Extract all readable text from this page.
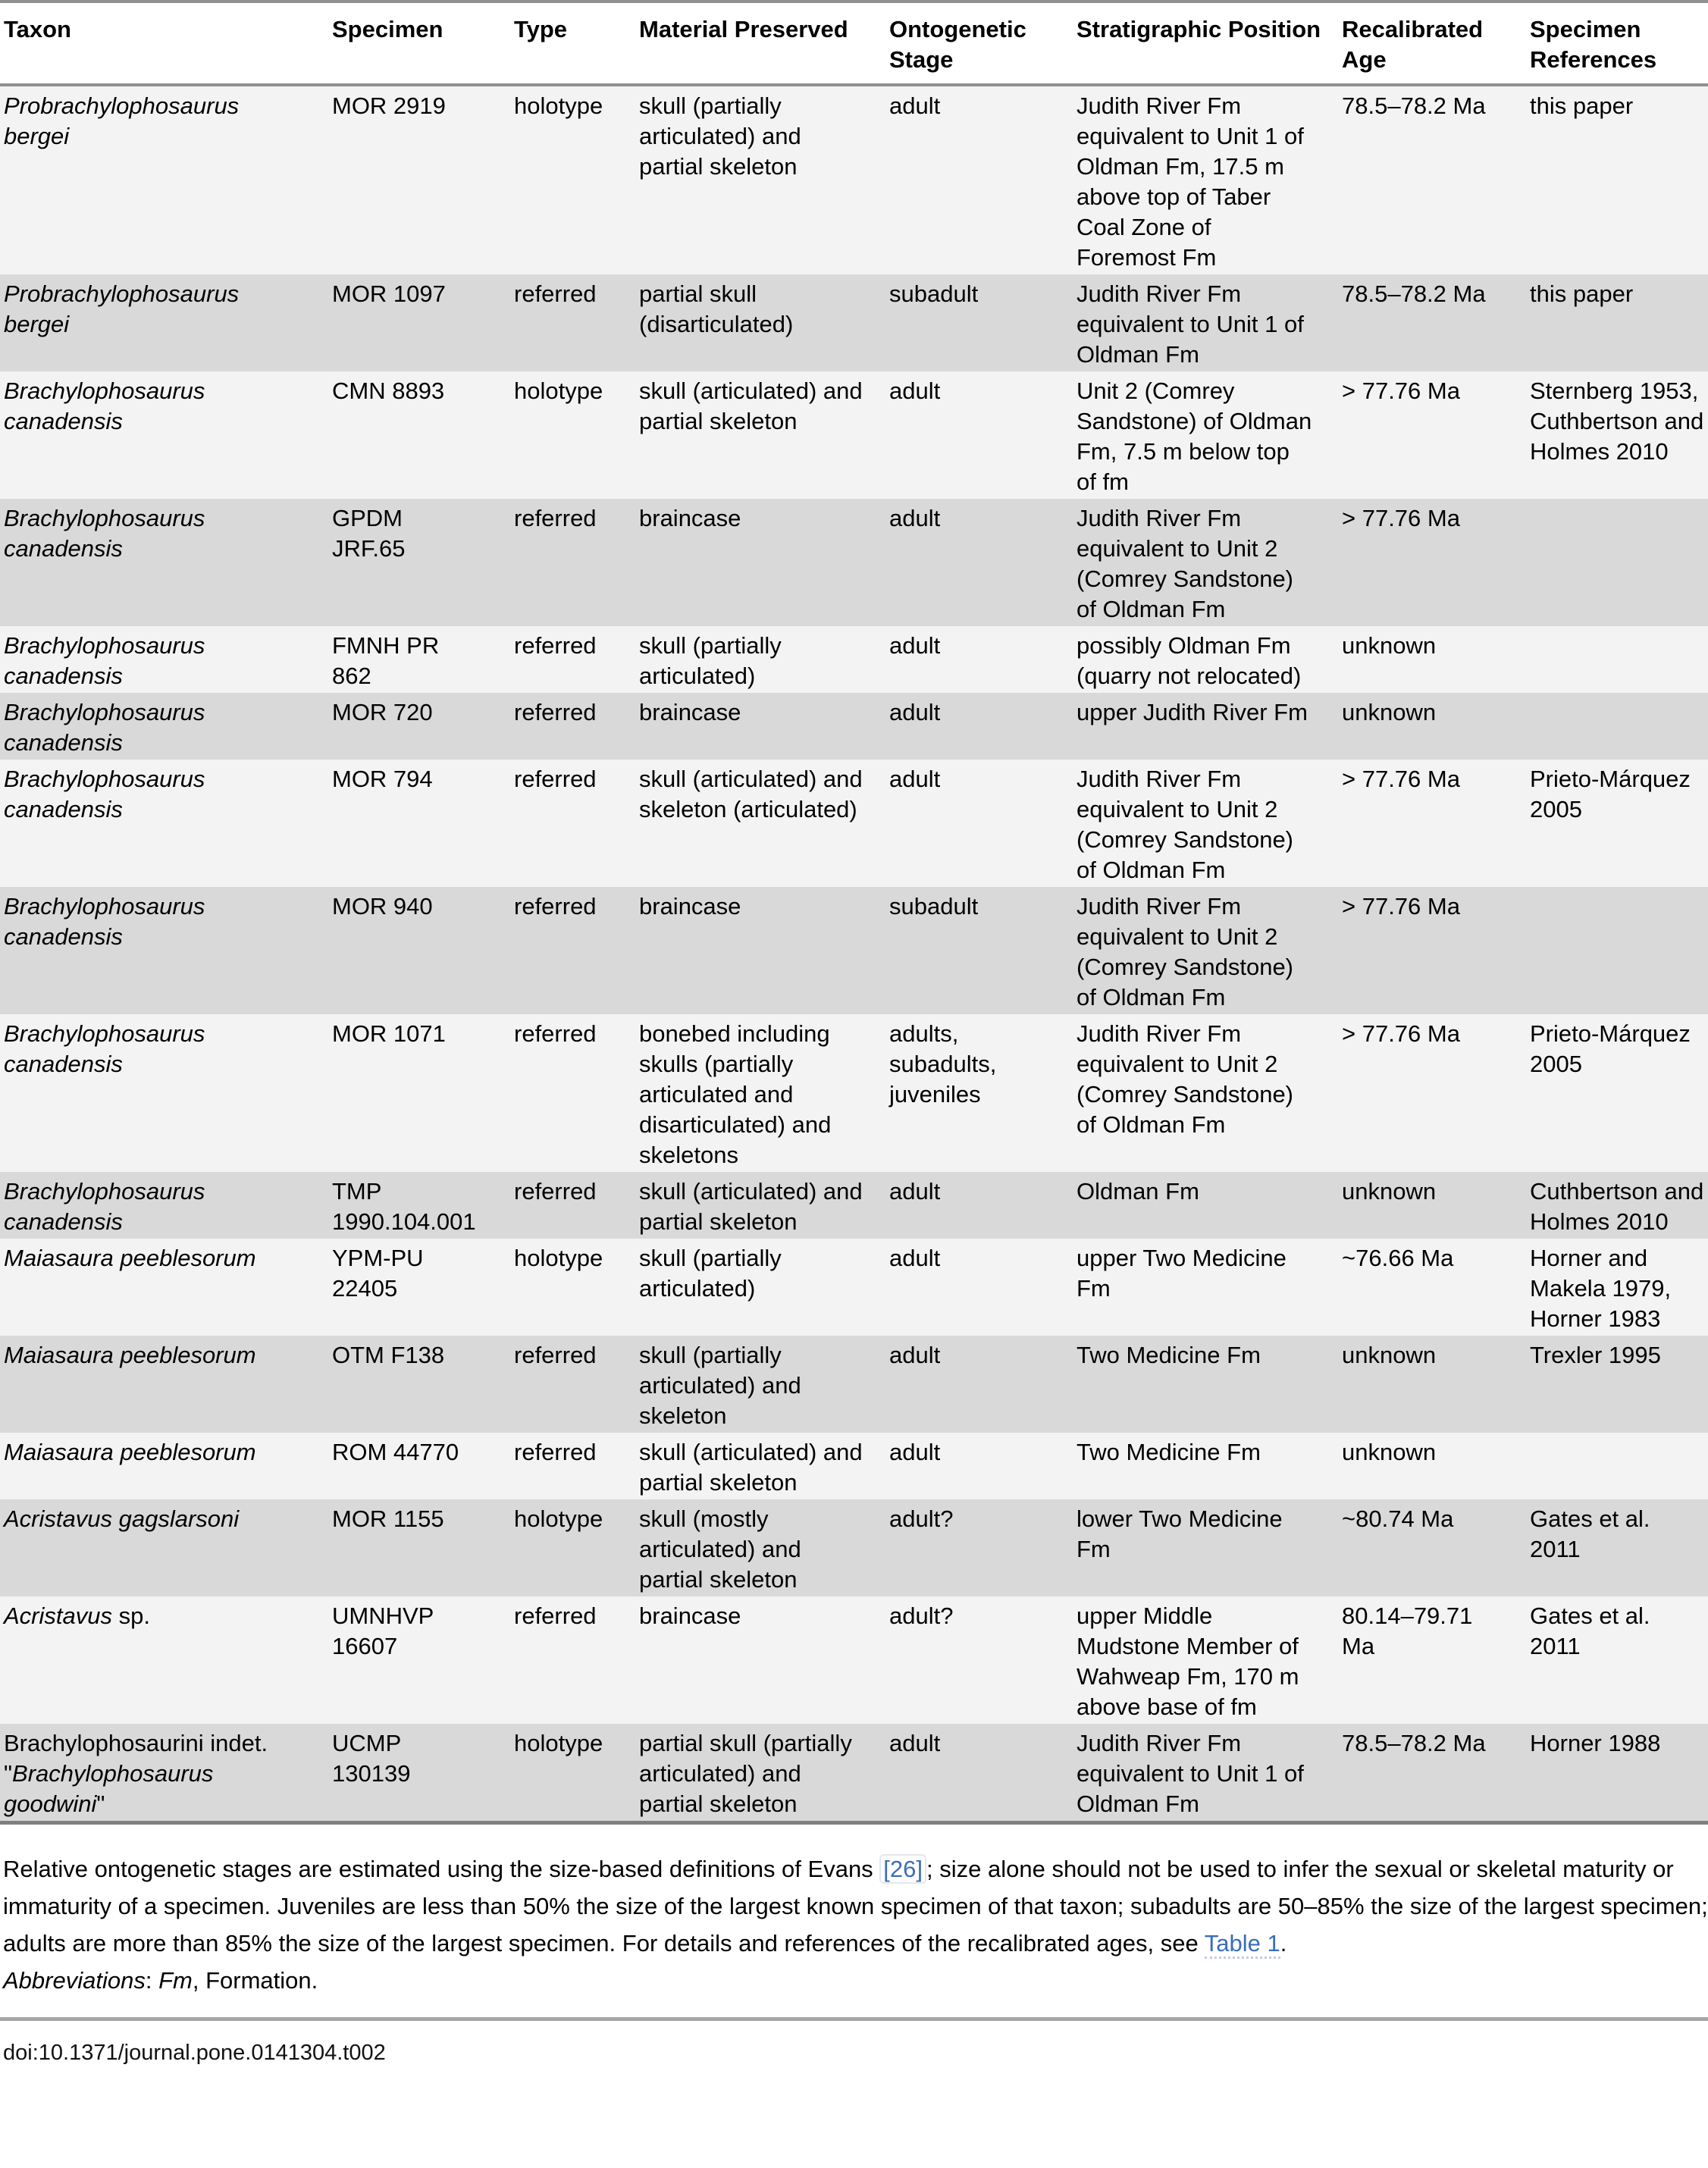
Taxon	Specimen	Type	Material Preserved	Ontogenetic Stage	Stratigraphic Position	Recalibrated Age	Specimen References
Probrachylophosaurus bergei	MOR 2919	holotype	skull (partially articulated) and partial skeleton	adult	Judith River Fm equivalent to Unit 1 of Oldman Fm, 17.5 m above top of Taber Coal Zone of Foremost Fm	78.5–78.2 Ma	this paper
Probrachylophosaurus bergei	MOR 1097	referred	partial skull (disarticulated)	subadult	Judith River Fm equivalent to Unit 1 of Oldman Fm	78.5–78.2 Ma	this paper
Brachylophosaurus canadensis	CMN 8893	holotype	skull (articulated) and partial skeleton	adult	Unit 2 (Comrey Sandstone) of Oldman Fm, 7.5 m below top of fm	> 77.76 Ma	Sternberg 1953, Cuthbertson and Holmes 2010
Brachylophosaurus canadensis	GPDM JRF.65	referred	braincase	adult	Judith River Fm equivalent to Unit 2 (Comrey Sandstone) of Oldman Fm	> 77.76 Ma	
Brachylophosaurus canadensis	FMNH PR 862	referred	skull (partially articulated)	adult	possibly Oldman Fm (quarry not relocated)	unknown	
Brachylophosaurus canadensis	MOR 720	referred	braincase	adult	upper Judith River Fm	unknown	
Brachylophosaurus canadensis	MOR 794	referred	skull (articulated) and skeleton (articulated)	adult	Judith River Fm equivalent to Unit 2 (Comrey Sandstone) of Oldman Fm	> 77.76 Ma	Prieto-Márquez 2005
Brachylophosaurus canadensis	MOR 940	referred	braincase	subadult	Judith River Fm equivalent to Unit 2 (Comrey Sandstone) of Oldman Fm	> 77.76 Ma	
Brachylophosaurus canadensis	MOR 1071	referred	bonebed including skulls (partially articulated and disarticulated) and skeletons	adults, subadults, juveniles	Judith River Fm equivalent to Unit 2 (Comrey Sandstone) of Oldman Fm	> 77.76 Ma	Prieto-Márquez 2005
Brachylophosaurus canadensis	TMP 1990.104.001	referred	skull (articulated) and partial skeleton	adult	Oldman Fm	unknown	Cuthbertson and Holmes 2010
Maiasaura peeblesorum	YPM-PU 22405	holotype	skull (partially articulated)	adult	upper Two Medicine Fm	~76.66 Ma	Horner and Makela 1979, Horner 1983
Maiasaura peeblesorum	OTM F138	referred	skull (partially articulated) and skeleton	adult	Two Medicine Fm	unknown	Trexler 1995
Maiasaura peeblesorum	ROM 44770	referred	skull (articulated) and partial skeleton	adult	Two Medicine Fm	unknown	
Acristavus gagslarsoni	MOR 1155	holotype	skull (mostly articulated) and partial skeleton	adult?	lower Two Medicine Fm	~80.74 Ma	Gates et al. 2011
Acristavus sp.	UMNHVP 16607	referred	braincase	adult?	upper Middle Mudstone Member of Wahweap Fm, 170 m above base of fm	80.14–79.71 Ma	Gates et al. 2011
Brachylophosaurini indet. "Brachylophosaurus goodwini"	UCMP 130139	holotype	partial skull (partially articulated) and partial skeleton	adult	Judith River Fm equivalent to Unit 1 of Oldman Fm	78.5–78.2 Ma	Horner 1988

Relative ontogenetic stages are estimated using the size-based definitions of Evans [26] ; size alone should not be used to infer the sexual or skeletal maturity or immaturity of a specimen. Juveniles are less than 50% the size of the largest known specimen of that taxon; subadults are 50–85% the size of the largest specimen; adults are more than 85% the size of the largest specimen. For details and references of the recalibrated ages, see Table 1.

Abbreviations: Fm, Formation.

doi:10.1371/journal.pone.0141304.t002
